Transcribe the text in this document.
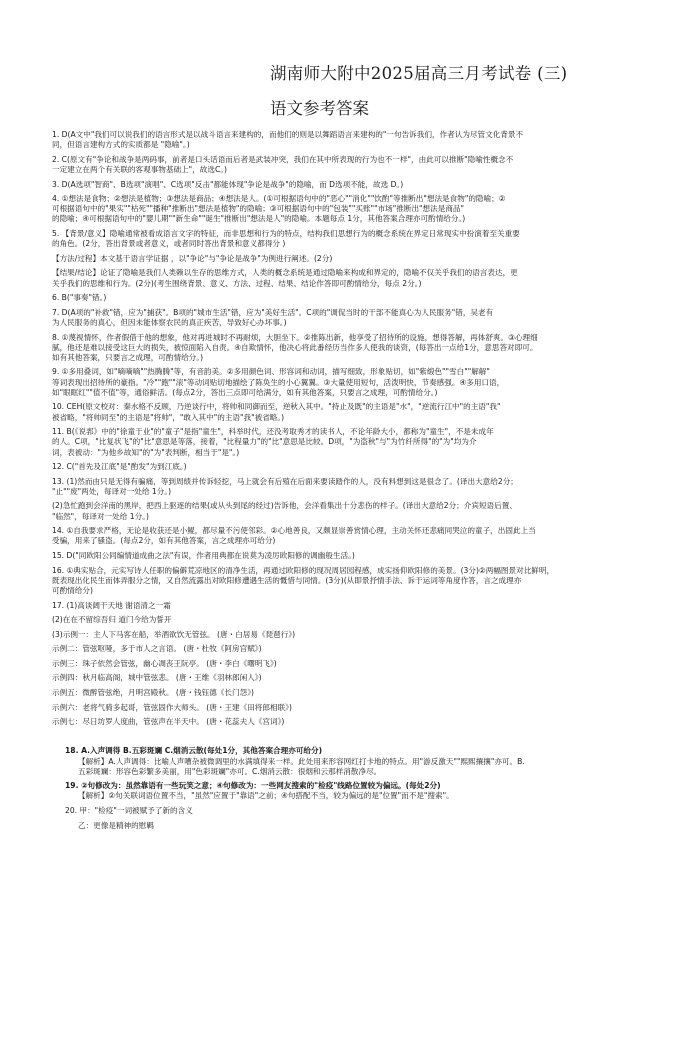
湖南师大附中2025届高三月考试卷 (三)
语文参考答案

1. D(A文中"我们可以说我们的语言形式是以战斗语言来建构的，而他们的则是以舞蹈语言来建构的"一句告诉我们，作者认为尽管文化背景不

同，但语言建构方式的实质都是 "隐喻"。)

2. C(原文有"争论和战争是两码事，前者是口头话语而后者是武装冲突，我们在其中所表现的行为也不一样"，由此可以推断"隐喻性概念不

一定建立在两个有关联的客观事物基础上"，故选C。)

3. D(A选项"智商"、B选项"演唱"、C选项"反击"都能体现"争论是战争"的隐喻，而 D选项不能，故选 D。)

4. ①想法是食物；②想法是植物；③想法是商品；④想法是人。(①可根据语句中的"恶心""消化""饮酌"等推断出"想法是食物"的隐喻；②

可根据语句中的"果实""枯死""播种"推断出"想法是植物"的隐喻；③可根据语句中的"包装""买账""市场"推断出"想法是商品"

的隐喻；④可根据语句中的"婴儿期""新生命""诞生"推断出"想法是人"的隐喻。本题每点 1分，其他答案合理亦可酌情给分。)

5. 【背景/意义】隐喻通常被看成语言文字的特征，而非思想和行为的特点，结构我们思想行为的概念系统在界定日常现实中扮演着至关重要

的角色。(2分，答出背景或者意义，或者同时答出背景和意义都得分 )

【方法/过程】本文基于语言学证据 ，以"争论"与"争论是战争"为例进行阐述。(2分)

【结果/结论】论证了隐喻是我们人类赖以生存的思维方式，人类的概念系统是通过隐喻来构成和界定的，隐喻不仅关乎我们的语言表达，更

关乎我们的思维和行为。(2分)(考生围绕背景、意义、方法、过程、结果、结论作答即可酌情给分，每点 2分。)

6. B("事奏"错。)

7. D(A项的"补救"错，应为"捕获"。B项的"城市生活"错，应为"美好生活"。C项的"调侃当时的干部不能真心为人民服务"错，吴老有

为人民服务的真心，但因未能体察农民的真正疾苦，导致好心办坏事。)

8. ①蔑视情怀，作者假借于他的想象，他对再进城时不再耐烦，大胆坐下。②推陈出新，他享受了招待所的设施，想得答解，再体舒爽。③心理细

腻，他还是难以接受这巨大的损失，被惊面陷入自责。④自欺情怀，他决心将此番经历当作多人使我的谈资，(每答出一点给1分，意思答对即可。

如有其他答案，只要言之成理，可酌情给分。)

9. ①多用叠词，如"嘀嘀嘀""热腾腾"等，有音韵美。②多用颜色词、形容词和动词，描写细致，形象贴切，如"紫缎色""雪白""解解"

等词表现出招待所的豪指。"冷""跑""滚"等动词贴切地描绘了陈奂生的小心翼翼。③大量使用短句，活泼明快，节奏感强。④多用口语，

如"眼眶红""值不值"等，通俗鲜活。(每点2分，答出三点即可给满分，如有其他答案，只要言之成理，可酌情给分。)

10. CEH(原文校对：秦水格不反顾，乃逆谈行中，将帅和同御而至，逆秋入其中。"持止及既"的主语是"水"，"逆流行江中"的主语"我"

被省略，"将帅同至"的主语是"将帅"，"敢入其中"的主语"我"被省略。)

11. B(《说郛》中的"徐童于业"的"童子"是指"童生"，科举时代，还没考取秀才的读书人，不论年龄大小，都称为"童生"，不是未成年

的人。C项，"比复状飞"的"比"意思是等落，接着，"比程量力"的"比"意思是比较。D项，"为盗秋"与"为竹纤所得"的"为"均为介

词，表被动："为他乡故知"的"为"表判断，相当于"是"。)

12. C("首先及江底"是"酌发"为到江底。)

13. (1)然而由只是无得有骗痛，等到周绩并传诉轻挖，马上就会有后殖在后面来要读踏作的人，没有料想到这是很念了。(译出大意给2分；

"止""废"两处，每译对一处给 1分。)

(2)急忙跑到会洋南的黑岸，把西上驱逐的结果(或从头到尾的经过)告诉他，会洋看集出十分悲伤的样子。(译出大意给2分；介宾短语后置、

"临然"，每译对一处给 1分。)

14. ①自我要求严格，无论是收获还是小鲲，都尽量不污使邻彩。②心地善良，又颇显崇善赏情心理，主动关怀还悲痛同哭泣的童子，出固此上当

受骗，用来了骚盗。(每点2分，如有其他答案，言之成理亦可给分)

15. D("同欧阳公同编情道成曲之法"有误，作者用典都在说莫为凌厉欧阳修的调幽般生活。)

16. ①典实贴合，元实写诗人任职的偏僻荒凉地区的清净生活，再通过欧阳修的现况周居园程感，成实扬仰欧阳修的美景。(3分)②两幅图景对比鲜明，

既表现出化民生而体弄服分之情，又自然流露出对欧阳修遭遇生活的慨惜与同情。(3分)(从即景抒情手法、诉于运词等角度作答，言之成理亦

可酌情给分)

17. (1)高谈阔干天地 谢语清之一霜

(2)在在不留综吾归 道门今给为誓开

(3)示例一：主人下马客在船，举酒欲饮无管弦。 (唐・白居易《琵琶行》)

示例二：管弦呕哑，多于市人之言语。 (唐・杜牧《阿房宫赋》)

示例三：珠子依然会管弦，幽心凋丧王阮亭。 (唐・李白《曙明飞》)

示例四：秋月临高阁，城中管弦悲。 (唐・王维《羽林郎闲人》)

示例五：微醉管弦绝，月明宫殿秋。 (唐・钱钰德《长门怨》)

示例六：老将气骑多起哥，管弦固作大师头。 (唐・王建《田将郎相联》)

示例七：尽日坊罗人度曲，管弦声在半天中。 (唐・花蕊夫人《宫词》)

18. A.入声调得 B.五彩斑斓 C.烟消云散(每处1分，其他答案合理亦可给分)

【解析】A.人声调得：比喻人声嘈杂被微调里的水满填得来一样。此处用来形容网红打卡地的特点。用"游反激天""熙熙攘攘"亦可。B.

五彩斑斓：形容色彩繁多美丽，用"色彩斑斓"亦可。C.烟消云散：很烟和云那样消散净尽。

19. ②句修改为：虽然靠语有一些玩笑之意；④句修改为：一些网友搜索的"检疫"线路位置较为偏远。(每处2分)

【解析】②句关联词语位置不当，"虽然"应置于"靠语"之前；④句搭配不当，较为偏远的是"位置"而不是"搜索"。

20. 甲："检疫"一词被赋予了新的含义

乙：更像是精神的慰羁
